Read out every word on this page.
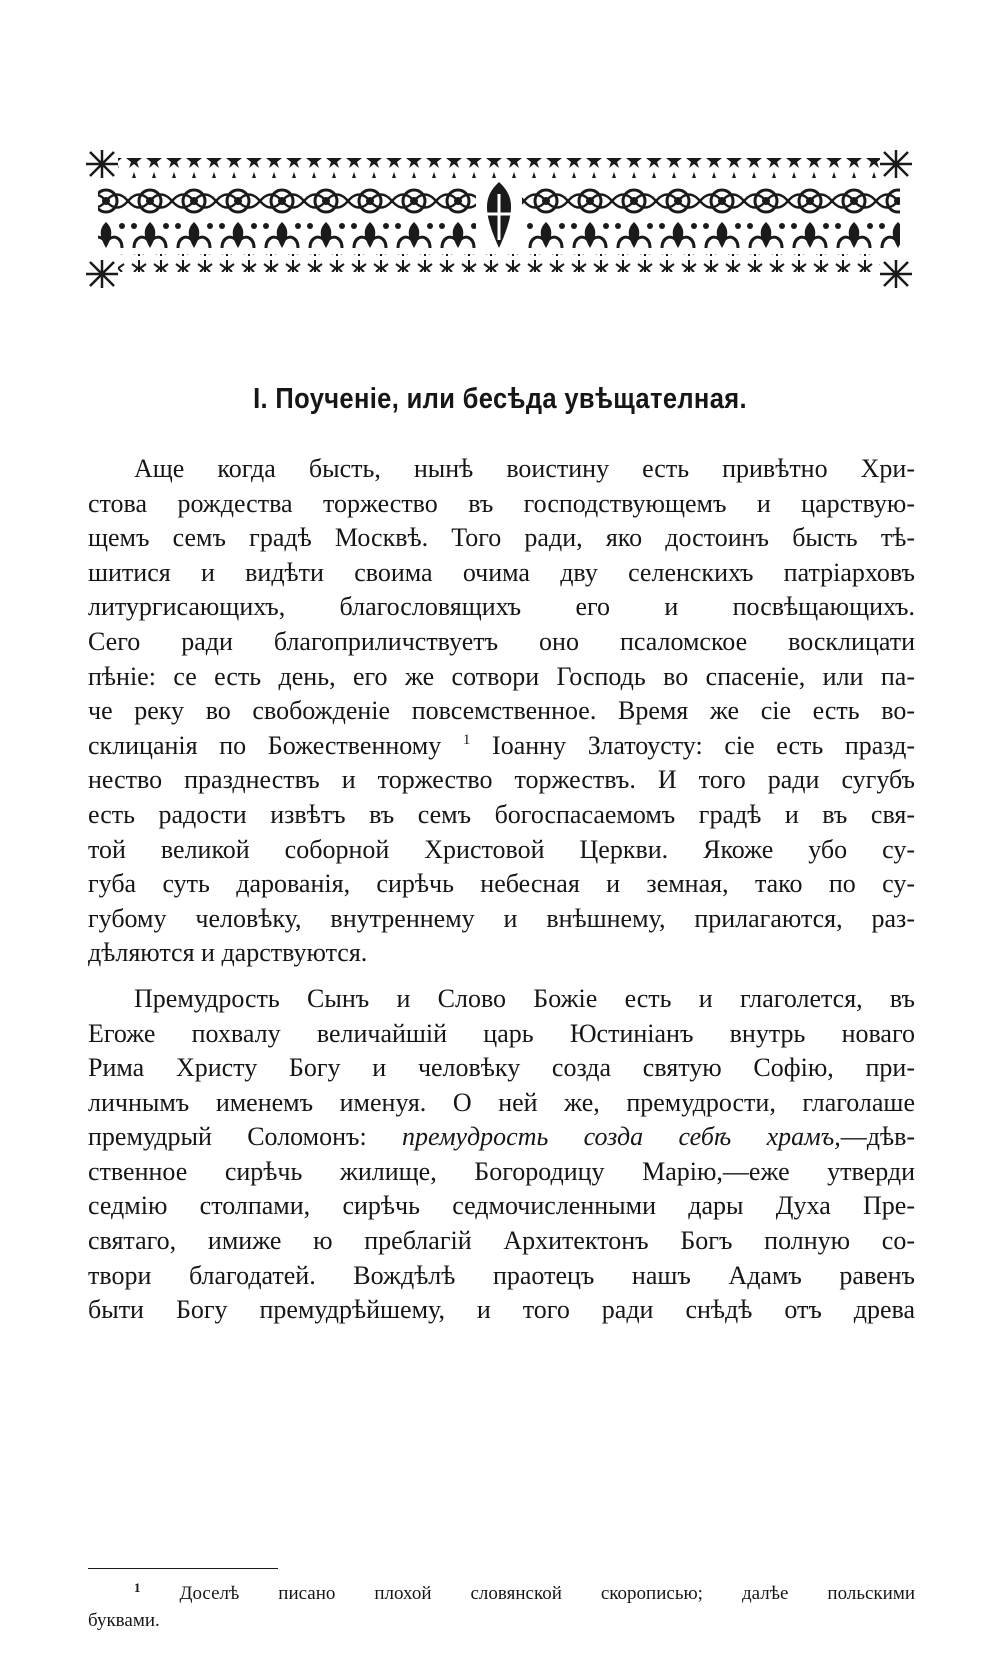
I. Поученіе, или бесѣда увѣщателная.

Аще когда бысть, нынѣ воистину есть привѣтно Хри-
стова рождества торжество въ господствующемъ и царствую-
щемъ семъ градѣ Москвѣ. Того ради, яко достоинъ бысть тѣ-
шитися и видѣти своима очима дву селенскихъ патріарховъ
литургисающихъ, благословящихъ его и посвѣщающихъ.
Сего ради благоприличствуетъ оно псаломское восклицати
пѣніе: се есть день, его же сотвори Господь во спасеніе, или па-
че реку во свобожденіе повсемственное. Время же сіе есть во-
склицанія по Божественному $^1$ Іоанну Златоусту: сіе есть празд-
нество празднествъ и торжество торжествъ. И того ради сугубъ
есть радости извѣтъ въ семъ богоспасаемомъ градѣ и въ свя-
той великой соборной Христовой Церкви. Якоже убо су-
губа суть дарованія, сирѣчь небесная и земная, тако по су-
губому человѣку, внутреннему и внѣшнему, прилагаются, раз-
дѣляются и дарствуются.

Премудрость Сынъ и Слово Божіе есть и глаголется, въ
Егоже похвалу величайшій царь Юстиніанъ внутрь новаго
Рима Христу Богу и человѣку созда святую Софію, при-
личнымъ именемъ именуя. О ней же, премудрости, глаголаше
премудрый Соломонъ: премудрость созда себѣ храмъ,—дѣв-
ственное сирѣчь жилище, Богородицу Марію,—еже утверди
седмію столпами, сирѣчь седмочисленными дары Духа Пре-
святаго, имиже ю преблагій Архитектонъ Богъ полную со-
твори благодатей. Вождѣлѣ праотецъ нашъ Адамъ равенъ
быти Богу премудрѣйшему, и того ради снѣдѣ отъ древа

$^1$ Доселѣ писано плохой словянской скорописью; далѣе польскими
буквами.
